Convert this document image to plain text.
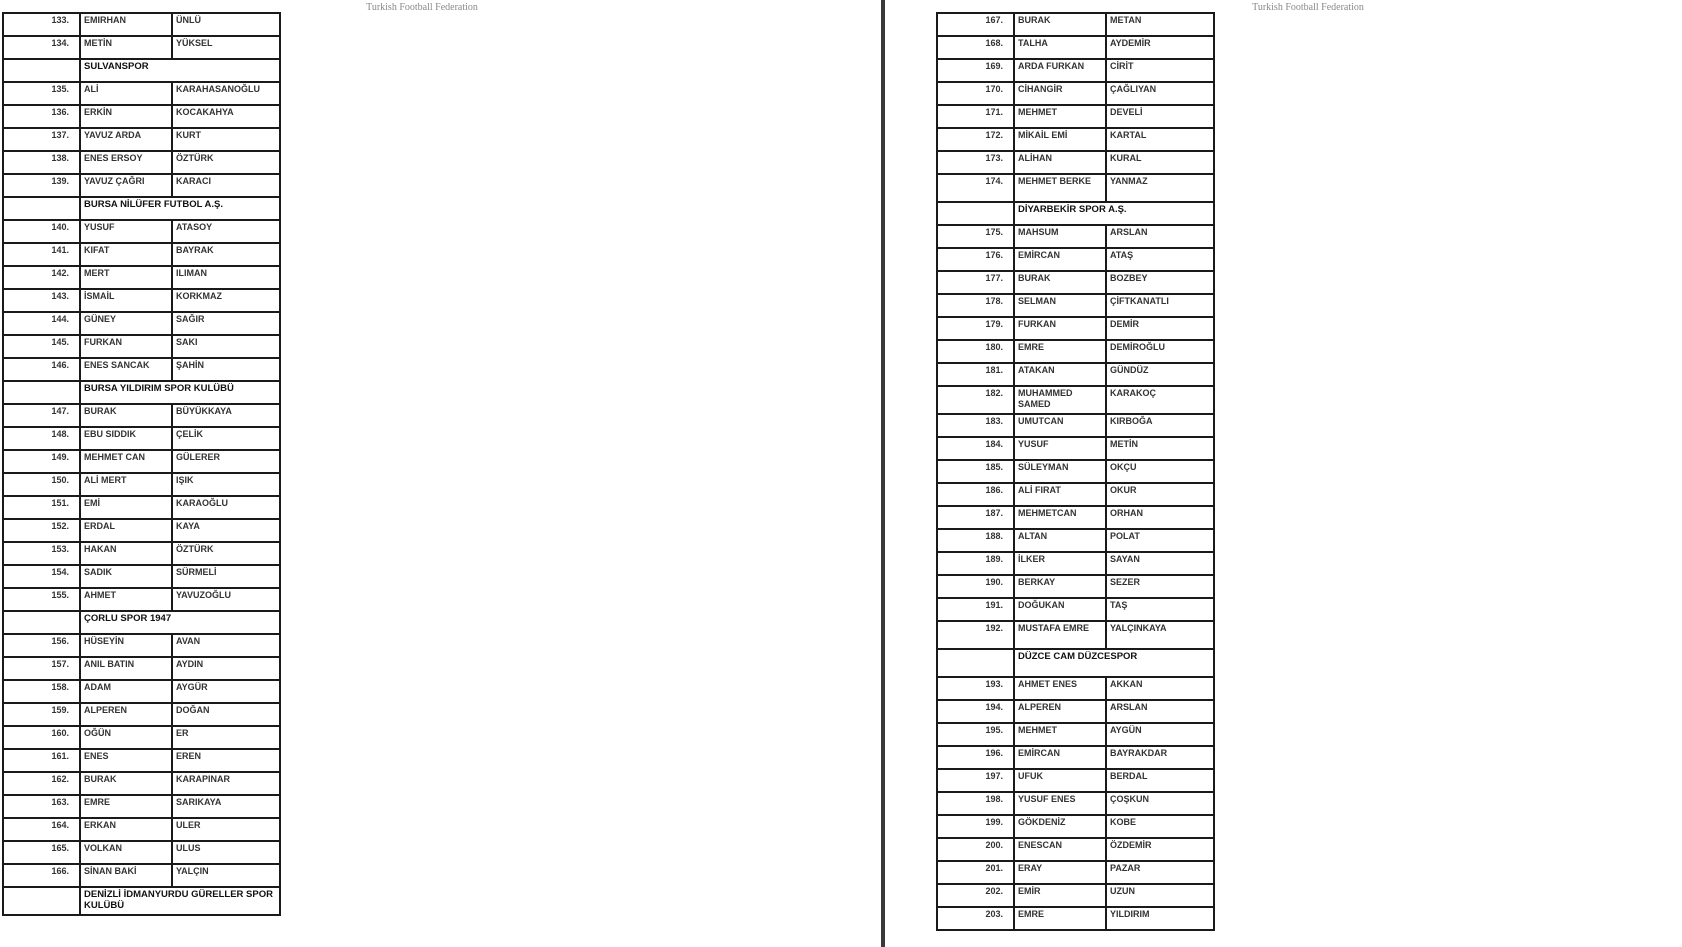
Turkish Football Federation
133.	EMIRHAN	ÜNLÜ
134.	METİN	YÜKSEL
	SULVANSPOR	
135.	ALİ	KARAHASANOĞLU
136.	ERKİN	KOCAKAHYA
137.	YAVUZ ARDA	KURT
138.	ENES ERSOY	ÖZTÜRK
139.	YAVUZ ÇAĞRI	KARACI
	BURSA NİLÜFER FUTBOL A.Ş.	
140.	YUSUF	ATASOY
141.	KIFAT	BAYRAK
142.	MERT	ILIMAN
143.	İSMAİL	KORKMAZ
144.	GÜNEY	SAĞIR
145.	FURKAN	SAKI
146.	ENES SANCAK	ŞAHİN
	BURSA YILDIRIM SPOR KULÜBÜ	
147.	BURAK	BÜYÜKKAYA
148.	EBU SIDDIK	ÇELİK
149.	MEHMET CAN	GÜLERER
150.	ALİ MERT	IŞIK
151.	EMİ	KARAOĞLU
152.	ERDAL	KAYA
153.	HAKAN	ÖZTÜRK
154.	SADIK	SÜRMELİ
155.	AHMET	YAVUZOĞLU
	ÇORLU SPOR 1947	
156.	HÜSEYİN	AVAN
157.	ANIL BATIN	AYDIN
158.	ADAM	AYGÜR
159.	ALPEREN	DOĞAN
160.	OĞÜN	ER
161.	ENES	EREN
162.	BURAK	KARAPINAR
163.	EMRE	SARIKAYA
164.	ERKAN	ULER
165.	VOLKAN	ULUS
166.	SİNAN BAKİ	YALÇIN
	DENİZLİ İDMANYURDU GÜRELLER SPOR KULÜBÜ	
Turkish Football Federation
167.	BURAK	METAN
168.	TALHA	AYDEMİR
169.	ARDA FURKAN	CİRİT
170.	CİHANGİR	ÇAĞLIYAN
171.	MEHMET	DEVELİ
172.	MİKAİL EMİ	KARTAL
173.	ALİHAN	KURAL
174.	MEHMET BERKE	YANMAZ
	DİYARBEKİR SPOR A.Ş.	
175.	MAHSUM	ARSLAN
176.	EMİRCAN	ATAŞ
177.	BURAK	BOZBEY
178.	SELMAN	ÇİFTKANATLI
179.	FURKAN	DEMİR
180.	EMRE	DEMİROĞLU
181.	ATAKAN	GÜNDÜZ
182.	MUHAMMED SAMED	KARAKOÇ
183.	UMUTCAN	KIRBOĞA
184.	YUSUF	METİN
185.	SÜLEYMAN	OKÇU
186.	ALİ FIRAT	OKUR
187.	MEHMETCAN	ORHAN
188.	ALTAN	POLAT
189.	İLKER	SAYAN
190.	BERKAY	SEZER
191.	DOĞUKAN	TAŞ
192.	MUSTAFA EMRE	YALÇINKAYA
	DÜZCE CAM DÜZCESPOR	
193.	AHMET ENES	AKKAN
194.	ALPEREN	ARSLAN
195.	MEHMET	AYGÜN
196.	EMİRCAN	BAYRAKDAR
197.	UFUK	BERDAL
198.	YUSUF ENES	ÇOŞKUN
199.	GÖKDENİZ	KOBE
200.	ENESCAN	ÖZDEMİR
201.	ERAY	PAZAR
202.	EMİR	UZUN
203.	EMRE	YILDIRIM
